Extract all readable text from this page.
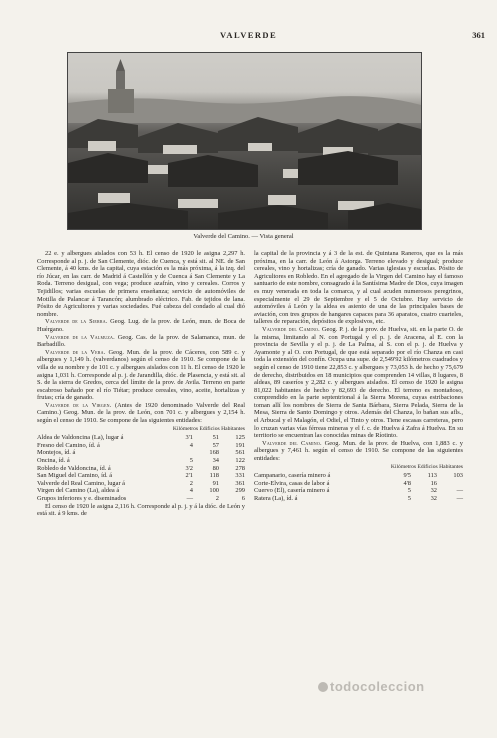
VALVERDE	361
Valverde del Camino. — Vista general

22 e. y albergues aislados con 53 h. El censo de 1920 le asigna 2,297 h. Corresponde al p. j. de San Clemente, dióc. de Cuenca, y está sit. al NE. de San Clemente, á 40 kms. de la capital, cuya estación es la más próxima, á la izq. del río Júcar, en las carr. de Madrid á Castellón y de Cuenca á San Clemente y La Roda. Terreno desigual, con vega; produce azafrán, vino y cereales. Corros y Tejidillos; varias escuelas de primera enseñanza; servicio de automóviles de Motilla de Palancar á Tarancón; alumbrado eléctrico. Fab. de tejidos de lana. Pósito de Agricultores y varias sociedades. Fué cabeza del condado al cual dió nombre.

Valverde de la Sierra. Geog. Lug. de la prov. de León, mun. de Boca de Huérgano.

Valverde de la Valmuza. Geog. Cas. de la prov. de Salamanca, mun. de Barbadillo.

Valverde de la Vera. Geog. Mun. de la prov. de Cáceres, con 589 c. y albergues y 1,149 h. (valverdanos) según el censo de 1910. Se compone de la villa de su nombre y de 101 c. y albergues aislados con 11 h. El censo de 1920 le asigna 1,031 h. Corresponde al p. j. de Jarandilla, dióc. de Plasencia, y está sit. al S. de la sierra de Gredos, cerca del límite de la prov. de Avila. Terreno en parte escabroso bañado por el río Tiétar; produce cereales, vino, aceite, hortalizas y frutas; cría de ganado.

Valverde de la Virgen. (Antes de 1920 denominado Valverde del Real Camino.) Geog. Mun. de la prov. de León, con 701 c. y albergues y 2,154 h. según el censo de 1910. Se compone de las siguientes entidades:

Kilómetros Edificios Habitantes
Aldea de Valdoncina (La), lugar á	3'1	51	125
Fresno del Camino, íd. á	4	57	191
Montejos, íd. á		168	561
Oncina, íd. á	5	34	122
Robledo de Valdoncina, íd. á	3'2	80	278
San Miguel del Camino, íd. á	2'1	118	331
Valverde del Real Camino, lugar á	2	91	361
Virgen del Camino (La), aldea á	4	100	299
Grupos inferiores y e. diseminados	—	2	6

El censo de 1920 le asigna 2,116 h. Corresponde al p. j. y á la dióc. de León y está sit. á 9 kms. de

la capital de la provincia y á 3 de la est. de Quintana Raneros, que es la más próxima, en la carr. de León á Astorga. Terreno elevado y desigual; produce cereales, vino y hortalizas; cría de ganado. Varias iglesias y escuelas. Pósito de Agricultores en Robledo. En el agregado de la Virgen del Camino hay el famoso santuario de este nombre, consagrado á la Santísima Madre de Dios, cuya imagen es muy venerada en toda la comarca, y al cual acuden numerosos peregrinos, especialmente el 29 de Septiembre y el 5 de Octubre. Hay servicio de automóviles á León y la aldea es asiento de una de las principales bases de aviación, con tres grupos de hangares capaces para 36 aparatos, cuatro cuarteles, talleres de reparación, depósitos de explosivos, etc.

Valverde del Camino. Geog. P. j. de la prov. de Huelva, sit. en la parte O. de la misma, limitando al N. con Portugal y el p. j. de Aracena, al E. con la provincia de Sevilla y el p. j. de La Palma, al S. con el p. j. de Huelva y Ayamonte y al O. con Portugal, de que está separado por el río Chanza en casi toda la extensión del confín. Ocupa una supe. de 2,549'92 kilómetros cuadrados y según el censo de 1910 tiene 22,853 c. y albergues y 73,053 h. de hecho y 75,679 de derecho, distribuidos en 18 municipios que comprenden 14 villas, 8 lugares, 8 aldeas, 89 caseríos y 2,282 c. y albergues aislados. El censo de 1920 le asigna 81,022 habitantes de hecho y 82,693 de derecho. El terreno es montañoso, comprendido en la parte septentrional á la Sierra Morena, cuyas estribaciones toman allí los nombres de Sierra de Santa Bárbara, Sierra Pelada, Sierra de la Mesa, Sierra de Santo Domingo y otros. Además del Chanza, lo bañan sus afls., el Arbucal y el Malagón, el Odiel, el Tinto y otros. Tiene escasas carreteras, pero lo cruzan varias vías férreas mineras y el f. c. de Huelva á Zafra á Huelva. En su territorio se encuentran las conocidas minas de Ríotinto.

Valverde del Camino. Geog. Mun. de la prov. de Huelva, con 1,883 c. y albergues y 7,461 h. según el censo de 1910. Se compone de las siguientes entidades:

Kilómetros Edificios Habitantes
Campanario, casería minero á	9'5	113	103
Corte-Elvira, casas de labor á	4'8	16	
Cuervo (El), casería minero á	5	32	—
Ratera (La), íd. á	5	32	—
todocoleccion
